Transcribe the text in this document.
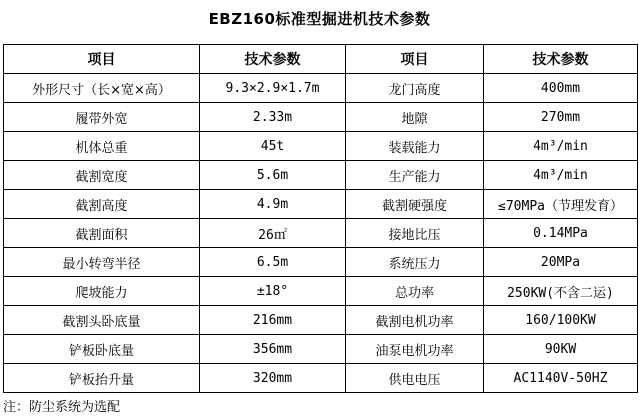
EBZ160标准型掘进机技术参数
项目	技术参数	项目	技术参数
外形尺寸（长×宽×高）	9.3×2.9×1.7m	龙门高度	400mm
履带外宽	2.33m	地隙	270mm
机体总重	45t	装载能力	4m³/min
截割宽度	5.6m	生产能力	4m³/min
截割高度	4.9m	截割硬强度	≤70MPa（节理发育）
截割面积	26㎡	接地比压	0.14MPa
最小转弯半径	6.5m	系统压力	20MPa
爬坡能力	±18°	总功率	250KW(不含二运)
截割头卧底量	216mm	截割电机功率	160/100KW
铲板卧底量	356mm	油泵电机功率	90KW
铲板抬升量	320mm	供电电压	AC1140V-50HZ
注：防尘系统为选配
